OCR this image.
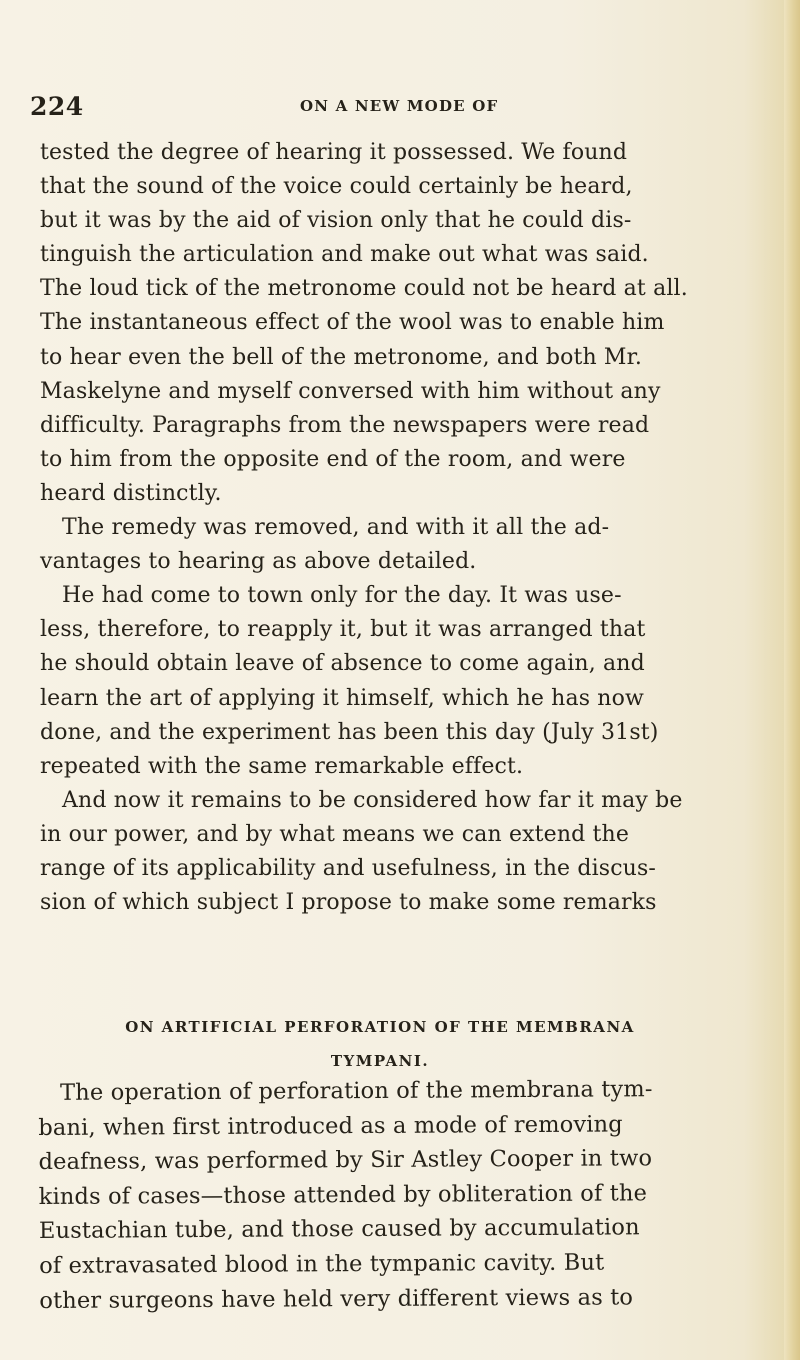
224	ON A NEW MODE OF
tested the degree of hearing it possessed. We found
that the sound of the voice could certainly be heard,
but it was by the aid of vision only that he could dis-
tinguish the articulation and make out what was said.
The loud tick of the metronome could not be heard at all.
The instantaneous effect of the wool was to enable him
to hear even the bell of the metronome, and both Mr.
Maskelyne and myself conversed with him without any
difficulty. Paragraphs from the newspapers were read
to him from the opposite end of the room, and were
heard distinctly.
The remedy was removed, and with it all the ad-
vantages to hearing as above detailed.
He had come to town only for the day. It was use-
less, therefore, to reapply it, but it was arranged that
he should obtain leave of absence to come again, and
learn the art of applying it himself, which he has now
done, and the experiment has been this day (July 31st)
repeated with the same remarkable effect.
And now it remains to be considered how far it may be
in our power, and by what means we can extend the
range of its applicability and usefulness, in the discus-
sion of which subject I propose to make some remarks
ON ARTIFICIAL PERFORATION OF THE MEMBRANA
TYMPANI.
The operation of perforation of the membrana tym-
bani, when first introduced as a mode of removing
deafness, was performed by Sir Astley Cooper in two
kinds of cases—those attended by obliteration of the
Eustachian tube, and those caused by accumulation
of extravasated blood in the tympanic cavity. But
other surgeons have held very different views as to
